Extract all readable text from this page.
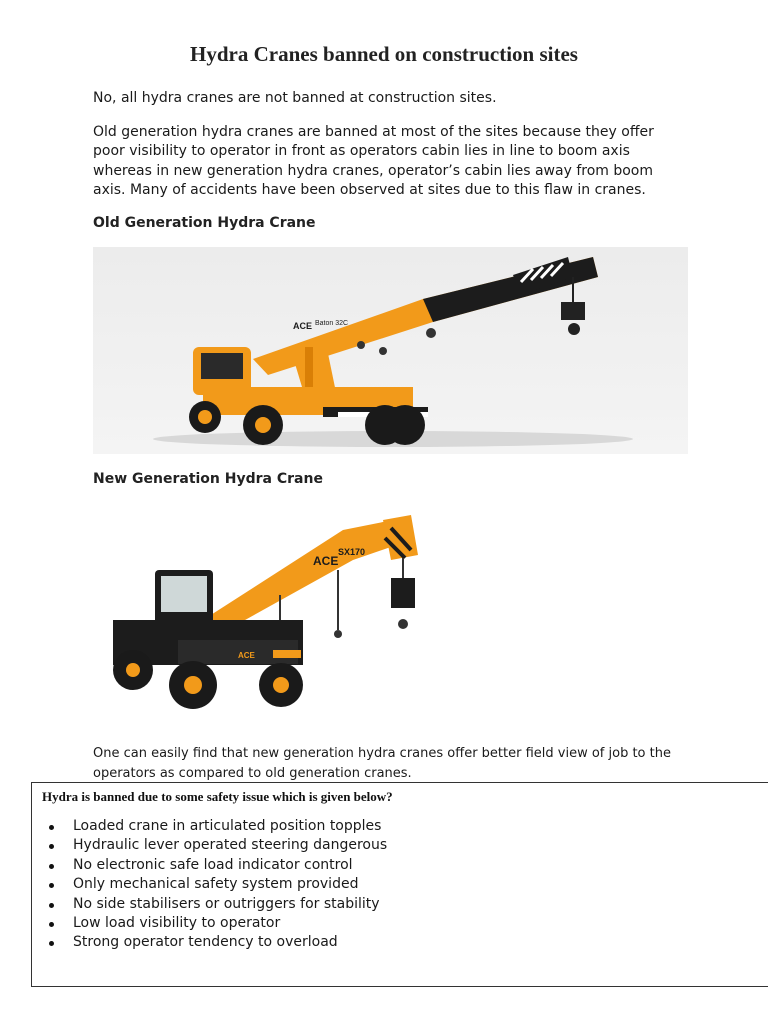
Hydra Cranes banned on construction sites

No, all hydra cranes are not banned at construction sites.

Old generation hydra cranes are banned at most of the sites because they offer poor visibility to operator in front as operators cabin lies in line to boom axis whereas in new generation hydra cranes, operator’s cabin lies away from boom axis. Many of accidents have been observed at sites due to this flaw in cranes.

Old Generation Hydra Crane
ACE Baton 32C
New Generation Hydra Crane
ACE
SX170
ACE

One can easily find that new generation hydra cranes offer better field view of job to the operators as compared to old generation cranes.

Hydra is banned due to some safety issue which is given below?
Loaded crane in articulated position topples
Hydraulic lever operated steering dangerous
No electronic safe load indicator control
Only mechanical safety system provided
No side stabilisers or outriggers for stability
Low load visibility to operator
Strong operator tendency to overload
